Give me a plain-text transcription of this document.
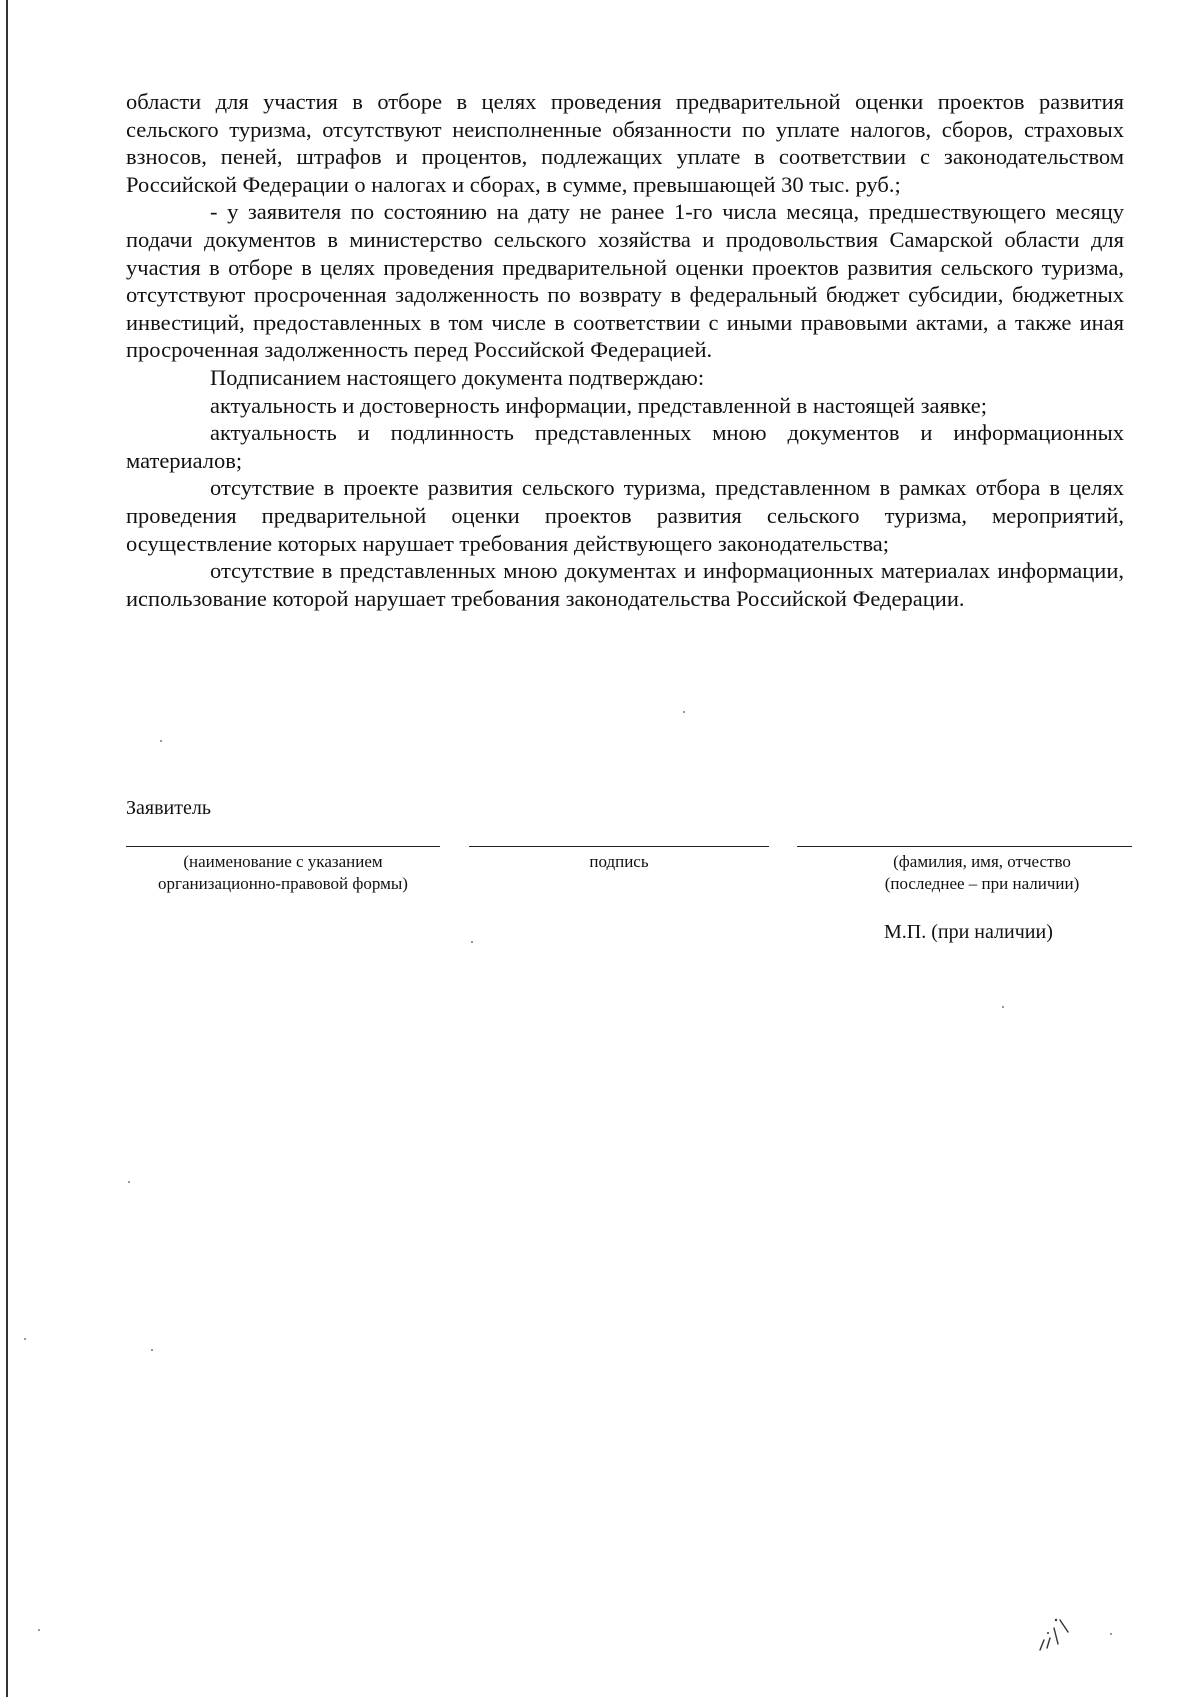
области для участия в отборе в целях проведения предварительной оценки проектов развития сельского туризма, отсутствуют неисполненные обязанности по уплате налогов, сборов, страховых взносов, пеней, штрафов и процентов, подлежащих уплате в соответствии с законодательством Российской Федерации о налогах и сборах, в сумме, превышающей 30 тыс. руб.;

- у заявителя по состоянию на дату не ранее 1-го числа месяца, предшествующего месяцу подачи документов в министерство сельского хозяйства и продовольствия Самарской области для участия в отборе в целях проведения предварительной оценки проектов развития сельского туризма, отсутствуют просроченная задолженность по возврату в федеральный бюджет субсидии, бюджетных инвестиций, предоставленных в том числе в соответствии с иными правовыми актами, а также иная просроченная задолженность перед Российской Федерацией.

Подписанием настоящего документа подтверждаю:

актуальность и достоверность информации, представленной в настоящей заявке;

актуальность и подлинность представленных мною документов и информационных материалов;

отсутствие в проекте развития сельского туризма, представленном в рамках отбора в целях проведения предварительной оценки проектов развития сельского туризма, мероприятий, осуществление которых нарушает требования действующего законодательства;

отсутствие в представленных мною документах и информационных материалах информации, использование которой нарушает требования законодательства Российской Федерации.

Заявитель
(наименование с указанием
организационно-правовой формы)
подпись	(фамилия, имя, отчество
(последнее – при наличии)
М.П. (при наличии)
